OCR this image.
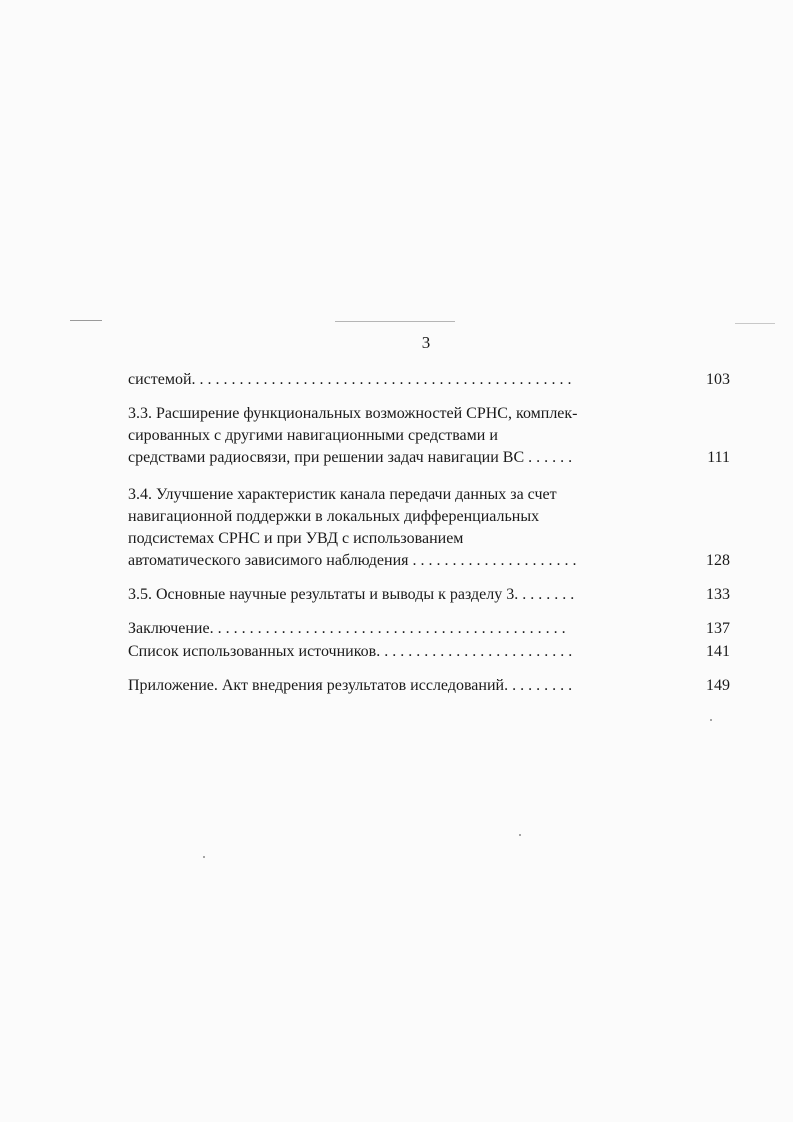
3
системой. . . . . . . . . . . . . . . . . . . . . . . . . . . . . . . . . . . . . . . . . . . . . . . .	103
3.3. Расширение функциональных возможностей СРНС, комплек-
сированных с другими навигационными средствами и
средствами радиосвязи, при решении задач навигации ВС . . . . . .	111
3.4. Улучшение характеристик канала передачи данных за счет
навигационной поддержки в локальных дифференциальных
подсистемах СРНС и при УВД с использованием
автоматического зависимого наблюдения . . . . . . . . . . . . . . . . . . . . .	128
3.5. Основные научные результаты и выводы к разделу 3. . . . . . . .	133
Заключение. . . . . . . . . . . . . . . . . . . . . . . . . . . . . . . . . . . . . . . . . . . . .	137
Список использованных источников. . . . . . . . . . . . . . . . . . . . . . . . .	141
Приложение. Акт внедрения результатов исследований. . . . . . . . .	149
